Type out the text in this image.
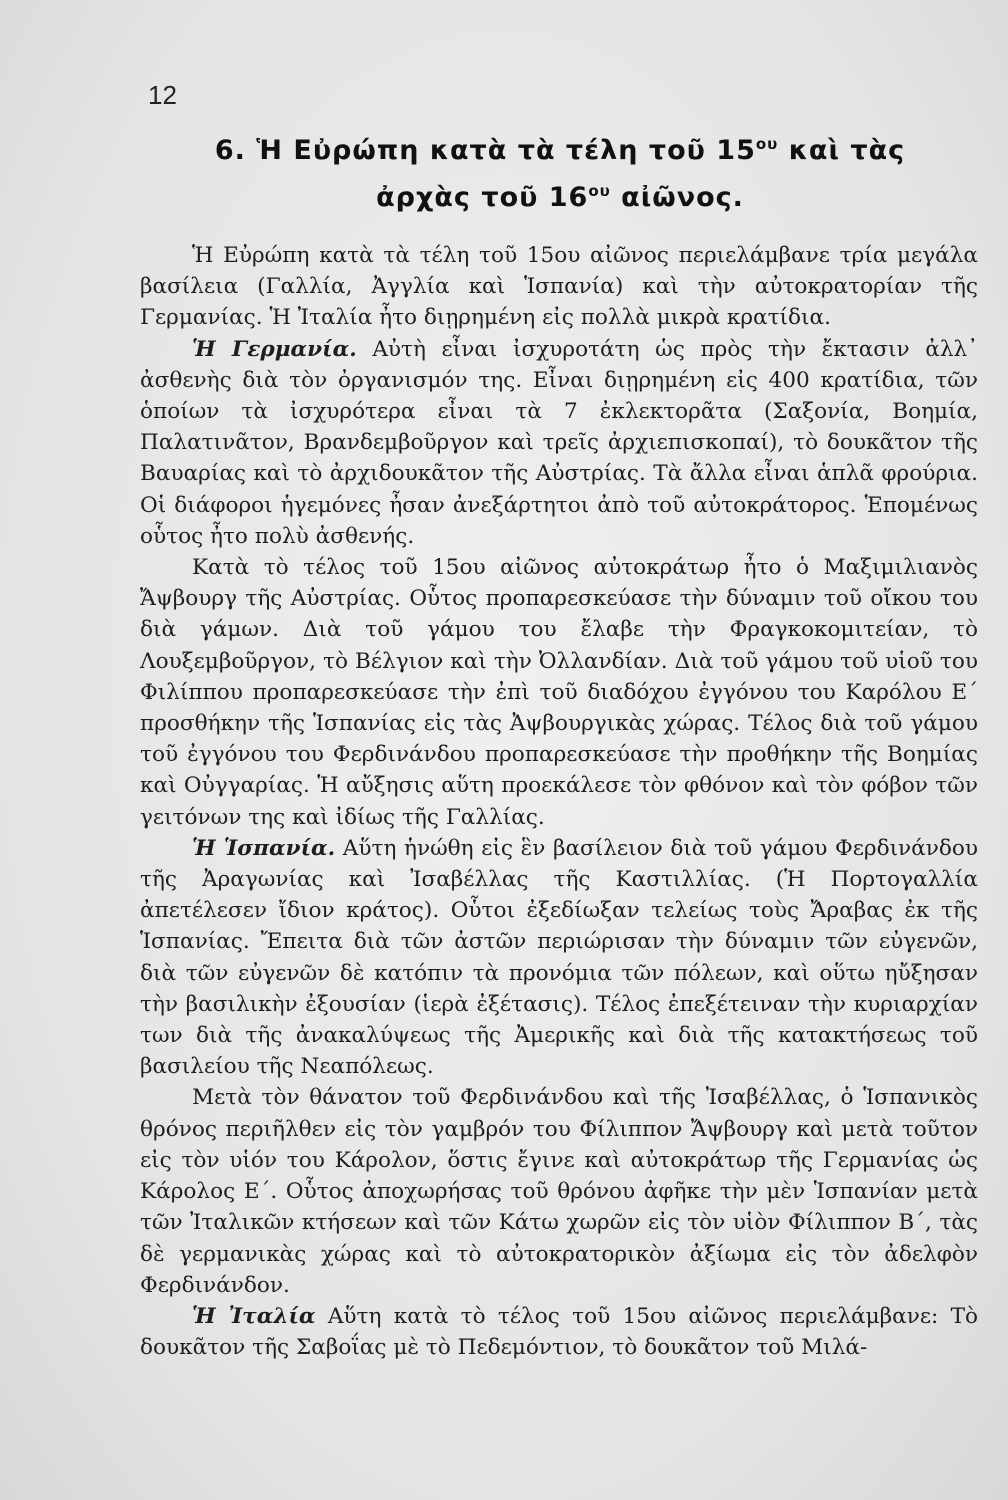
12
6. Ἡ Εὐρώπη κατὰ τὰ τέλη τοῦ $15^{o\upsilon}$ καὶ τὰς
ἀρχὰς τοῦ $16^{o\upsilon}$ αἰῶνος.

Ἡ Εὐρώπη κατὰ τὰ τέλη τοῦ 15ου αἰῶνος περιελάμβανε τρία μεγάλα βασίλεια (Γαλλία, Ἀγγλία καὶ Ἱσπανία) καὶ τὴν αὐτοκρατορίαν τῆς Γερμανίας. Ἡ Ἰταλία ἦτο διῃρημένη εἰς πολλὰ μικρὰ κρατίδια.

Ἡ Γερμανία. Αὐτὴ εἶναι ἰσχυροτάτη ὡς πρὸς τὴν ἔκτασιν ἀλλ᾿ ἀσθενὴς διὰ τὸν ὀργανισμόν της. Εἶναι διῃρημένη εἰς 400 κρατίδια, τῶν ὁποίων τὰ ἰσχυρότερα εἶναι τὰ 7 ἐκλεκτορᾶτα (Σαξονία, Βοημία, Παλατινᾶτον, Βρανδεμβοῦργον καὶ τρεῖς ἀρχιεπισκοπαί), τὸ δουκᾶτον τῆς Βαυαρίας καὶ τὸ ἀρχιδουκᾶτον τῆς Αὐστρίας. Τὰ ἄλλα εἶναι ἁπλᾶ φρούρια. Οἱ διάφοροι ἡγεμόνες ἦσαν ἀνεξάρτητοι ἀπὸ τοῦ αὐτοκράτορος. Ἑπομένως οὗτος ἦτο πολὺ ἀσθενής.

Κατὰ τὸ τέλος τοῦ 15ου αἰῶνος αὐτοκράτωρ ἦτο ὁ Μαξιμιλιανὸς Ἄψβουργ τῆς Αὐστρίας. Οὗτος προπαρεσκεύασε τὴν δύναμιν τοῦ οἴκου του διὰ γάμων. Διὰ τοῦ γάμου του ἔλαβε τὴν Φραγκοκομιτείαν, τὸ Λουξεμβοῦργον, τὸ Βέλγιον καὶ τὴν Ὀλλανδίαν. Διὰ τοῦ γάμου τοῦ υἱοῦ του Φιλίππου προπαρεσκεύασε τὴν ἐπὶ τοῦ διαδόχου ἐγγόνου του Καρόλου Ε´ προσθήκην τῆς Ἱσπανίας εἰς τὰς Ἀψβουργικὰς χώρας. Τέλος διὰ τοῦ γάμου τοῦ ἐγγόνου του Φερδινάνδου προπαρεσκεύασε τὴν προθήκην τῆς Βοημίας καὶ Οὐγγαρίας. Ἡ αὔξησις αὕτη προεκάλεσε τὸν φθόνον καὶ τὸν φόβον τῶν γειτόνων της καὶ ἰδίως τῆς Γαλλίας.

Ἡ Ἱσπανία. Αὕτη ἡνώθη εἰς ἓν βασίλειον διὰ τοῦ γάμου Φερδινάνδου τῆς Ἀραγωνίας καὶ Ἰσαβέλλας τῆς Καστιλλίας. (Ἡ Πορτογαλλία ἀπετέλεσεν ἴδιον κράτος). Οὗτοι ἐξεδίωξαν τελείως τοὺς Ἄραβας ἐκ τῆς Ἱσπανίας. Ἔπειτα διὰ τῶν ἀστῶν περιώρισαν τὴν δύναμιν τῶν εὐγενῶν, διὰ τῶν εὐγενῶν δὲ κατόπιν τὰ προνόμια τῶν πόλεων, καὶ οὕτω ηὔξησαν τὴν βασιλικὴν ἐξουσίαν (ἱερὰ ἐξέτασις). Τέλος ἐπεξέτειναν τὴν κυριαρχίαν των διὰ τῆς ἀνακαλύψεως τῆς Ἀμερικῆς καὶ διὰ τῆς κατακτήσεως τοῦ βασιλείου τῆς Νεαπόλεως.

Μετὰ τὸν θάνατον τοῦ Φερδινάνδου καὶ τῆς Ἰσαβέλλας, ὁ Ἱσπανικὸς θρόνος περιῆλθεν εἰς τὸν γαμβρόν του Φίλιππον Ἄψβουργ καὶ μετὰ τοῦτον εἰς τὸν υἱόν του Κάρολον, ὅστις ἔγινε καὶ αὐτοκράτωρ τῆς Γερμανίας ὡς Κάρολος Ε´. Οὗτος ἀποχωρήσας τοῦ θρόνου ἀφῆκε τὴν μὲν Ἱσπανίαν μετὰ τῶν Ἰταλικῶν κτήσεων καὶ τῶν Κάτω χωρῶν εἰς τὸν υἱὸν Φίλιππον Β´, τὰς δὲ γερμανικὰς χώρας καὶ τὸ αὐτοκρατορικὸν ἀξίωμα εἰς τὸν ἀδελφὸν Φερδινάνδον.

Ἡ Ἰταλία Αὕτη κατὰ τὸ τέλος τοῦ 15ου αἰῶνος περιελάμβανε: Τὸ δουκᾶτον τῆς Σαβοΐας μὲ τὸ Πεδεμόντιον, τὸ δουκᾶτον τοῦ Μιλά-
